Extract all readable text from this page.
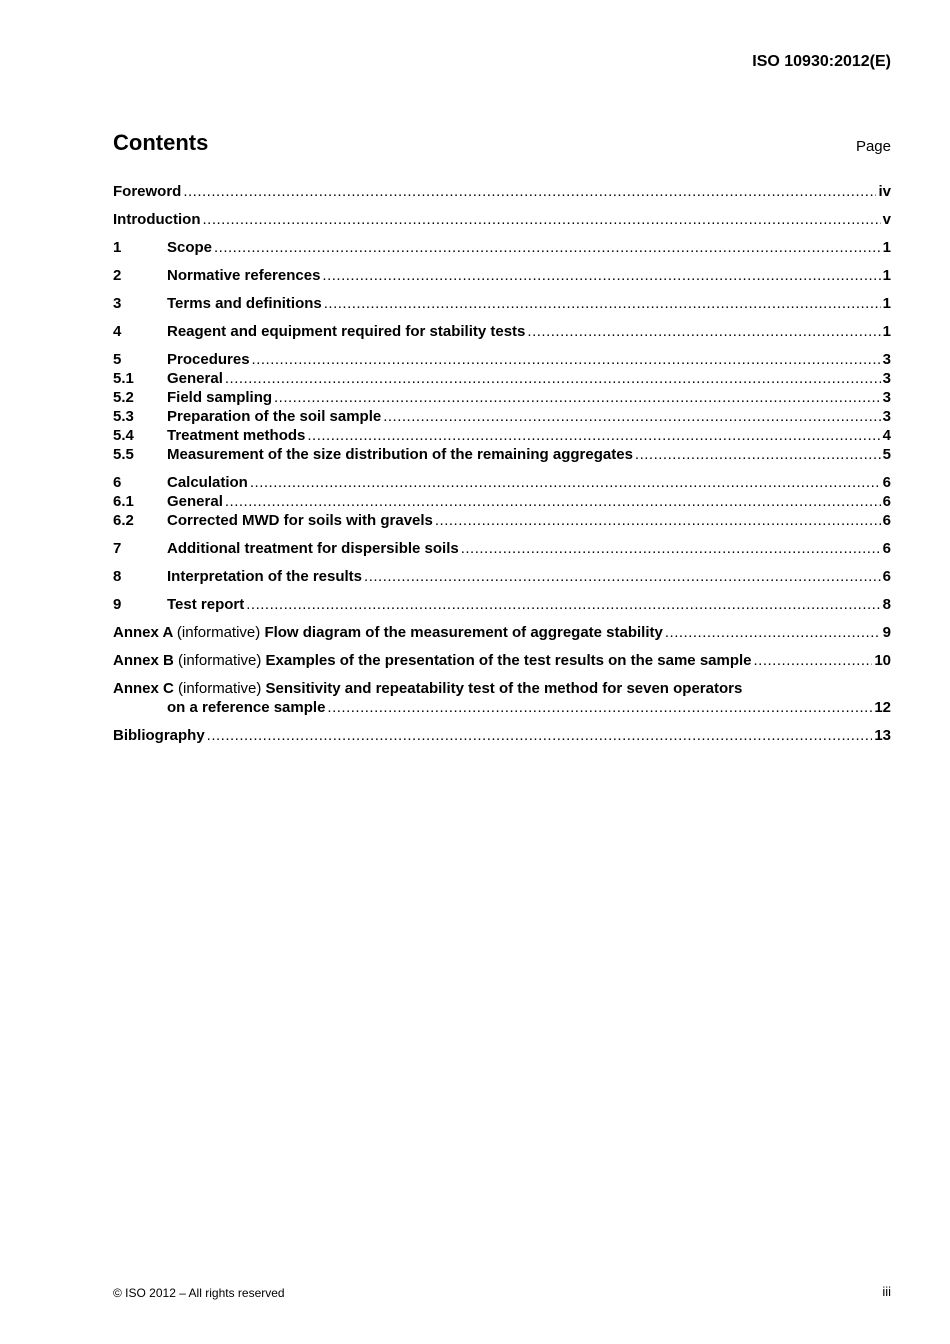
ISO 10930:2012(E)
Contents	Page
Foreword .....	iv
Introduction .....	v
1	Scope .....	1
2	Normative references .....	1
3	Terms and definitions .....	1
4	Reagent and equipment required for stability tests .....	1
5	Procedures .....	3
5.1	General .....	3
5.2	Field sampling .....	3
5.3	Preparation of the soil sample .....	3
5.4	Treatment methods .....	4
5.5	Measurement of the size distribution of the remaining aggregates .....	5
6	Calculation .....	6
6.1	General .....	6
6.2	Corrected MWD for soils with gravels .....	6
7	Additional treatment for dispersible soils .....	6
8	Interpretation of the results .....	6
9	Test report .....	8
Annex A (informative) Flow diagram of the measurement of aggregate stability .....	9
Annex B (informative) Examples of the presentation of the test results on the same sample .....	10
Annex C (informative) Sensitivity and repeatability test of the method for seven operators
on a reference sample .....	12
Bibliography .....	13
© ISO 2012 – All rights reserved	iii
